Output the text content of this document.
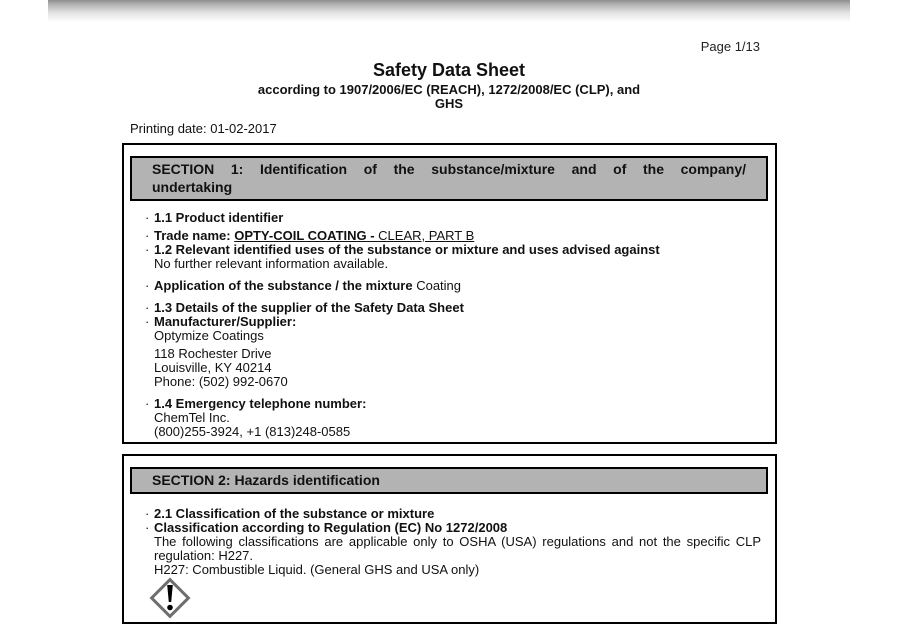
Page 1/13
Safety Data Sheet
according to 1907/2006/EC (REACH), 1272/2008/EC (CLP), and
GHS
Printing date: 01-02-2017
SECTION 1: Identification of the substance/mixture and of the company/
undertaking
· 1.1 Product identifier
· Trade name: OPTY-COIL COATING - CLEAR, PART B
· 1.2 Relevant identified uses of the substance or mixture and uses advised against
No further relevant information available.
· Application of the substance / the mixture Coating
· 1.3 Details of the supplier of the Safety Data Sheet
· Manufacturer/Supplier:
Optymize Coatings
118 Rochester Drive
Louisville, KY 40214
Phone: (502) 992-0670
· 1.4 Emergency telephone number:
ChemTel Inc.
(800)255-3924, +1 (813)248-0585
SECTION 2: Hazards identification
· 2.1 Classification of the substance or mixture
· Classification according to Regulation (EC) No 1272/2008
The following classifications are applicable only to OSHA (USA) regulations and not the specific CLP regulation: H227.
H227: Combustible Liquid. (General GHS and USA only)
